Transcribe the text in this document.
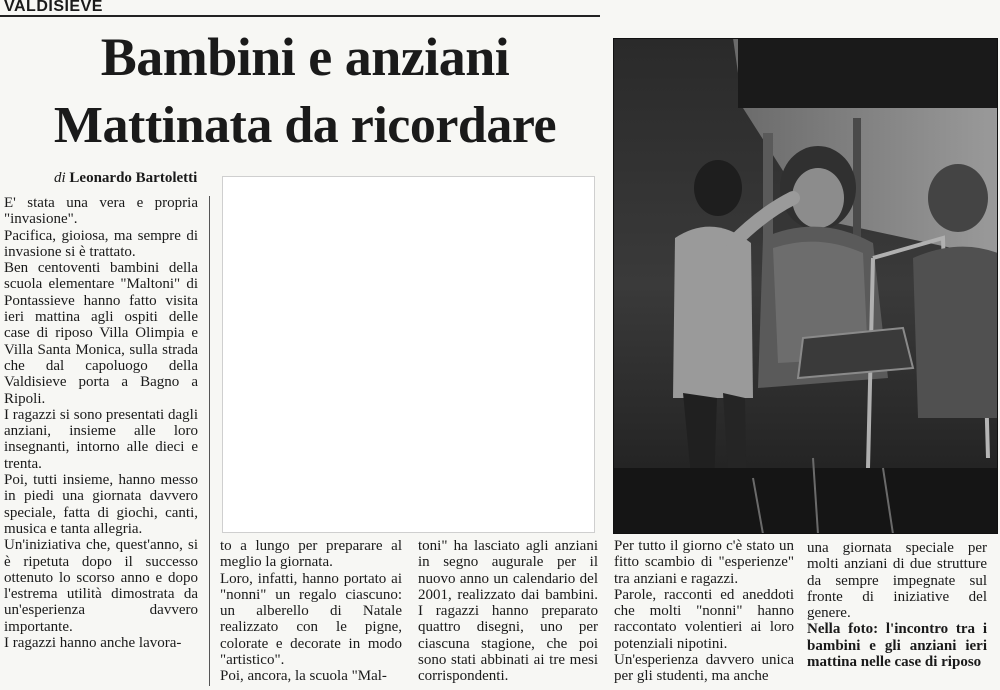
VALDISIEVE
Bambini e anziani
Mattinata da ricordare
di Leonardo Bartoletti

E' stata una vera e propria "invasione".

Pacifica, gioiosa, ma sempre di invasione si è trattato.

Ben centoventi bambini della scuola elementare "Maltoni" di Pontassieve hanno fatto visita ieri mattina agli ospiti delle case di riposo Villa Olimpia e Villa Santa Monica, sulla strada che dal capoluogo della Valdisieve porta a Bagno a Ripoli.

I ragazzi si sono presentati dagli anziani, insieme alle loro insegnanti, intorno alle dieci e trenta.

Poi, tutti insieme, hanno messo in piedi una giornata davvero speciale, fatta di giochi, canti, musica e tanta allegria.

Un'iniziativa che, quest'anno, si è ripetuta dopo il successo ottenuto lo scorso anno e dopo l'estrema utilità dimostrata da un'esperienza davvero importante.

I ragazzi hanno anche lavora-

to a lungo per preparare al meglio la giornata.

Loro, infatti, hanno portato ai "nonni" un regalo ciascuno: un alberello di Natale realizzato con le pigne, colorate e decorate in modo "artistico".

Poi, ancora, la scuola "Mal-

toni" ha lasciato agli anziani in segno augurale per il nuovo anno un calendario del 2001, realizzato dai bambini. I ragazzi hanno preparato quattro disegni, uno per ciascuna stagione, che poi sono stati abbinati ai tre mesi corrispondenti.

Per tutto il giorno c'è stato un fitto scambio di "esperienze" tra anziani e ragazzi.

Parole, racconti ed aneddoti che molti "nonni" hanno raccontato volentieri ai loro potenziali nipotini.

Un'esperienza davvero unica per gli studenti, ma anche

una giornata speciale per molti anziani di due strutture da sempre impegnate sul fronte di iniziative del genere.

Nella foto: l'incontro tra i bambini e gli anziani ieri mattina nelle case di riposo
